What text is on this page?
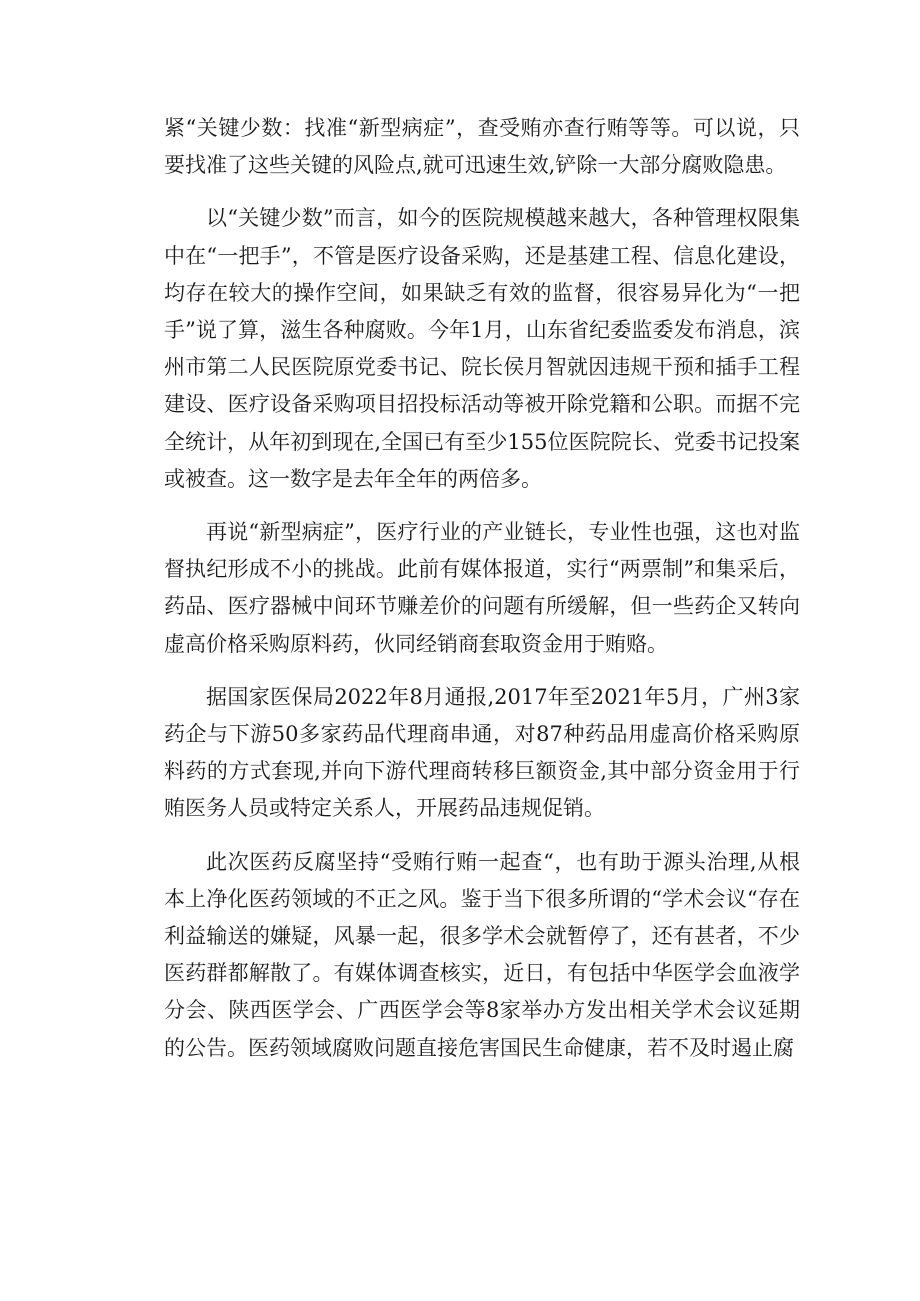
紧“关键少数：找准“新型病症”，查受贿亦查行贿等等。可以说，只要找准了这些关键的风险点,就可迅速生效,铲除一大部分腐败隐患。

以“关键少数”而言，如今的医院规模越来越大，各种管理权限集中在“一把手”，不管是医疗设备采购，还是基建工程、信息化建设，均存在较大的操作空间，如果缺乏有效的监督，很容易异化为“一把手”说了算，滋生各种腐败。今年1月，山东省纪委监委发布消息，滨州市第二人民医院原党委书记、院长侯月智就因违规干预和插手工程建设、医疗设备采购项目招投标活动等被开除党籍和公职。而据不完全统计，从年初到现在,全国已有至少155位医院院长、党委书记投案或被查。这一数字是去年全年的两倍多。

再说“新型病症”，医疗行业的产业链长，专业性也强，这也对监督执纪形成不小的挑战。此前有媒体报道，实行“两票制”和集采后，药品、医疗器械中间环节赚差价的问题有所缓解，但一些药企又转向虚高价格采购原料药，伙同经销商套取资金用于贿赂。

据国家医保局2022年8月通报,2017年至2021年5月，广州3家药企与下游50多家药品代理商串通，对87种药品用虚高价格采购原料药的方式套现,并向下游代理商转移巨额资金,其中部分资金用于行贿医务人员或特定关系人，开展药品违规促销。

此次医药反腐坚持“受贿行贿一起查“，也有助于源头治理,从根本上净化医药领域的不正之风。鉴于当下很多所谓的“学术会议“存在利益输送的嫌疑，风暴一起，很多学术会就暂停了，还有甚者，不少医药群都解散了。有媒体调查核实，近日，有包括中华医学会血液学分会、陕西医学会、广西医学会等8家举办方发出相关学术会议延期的公告。医药领域腐败问题直接危害国民生命健康，若不及时遏止腐
